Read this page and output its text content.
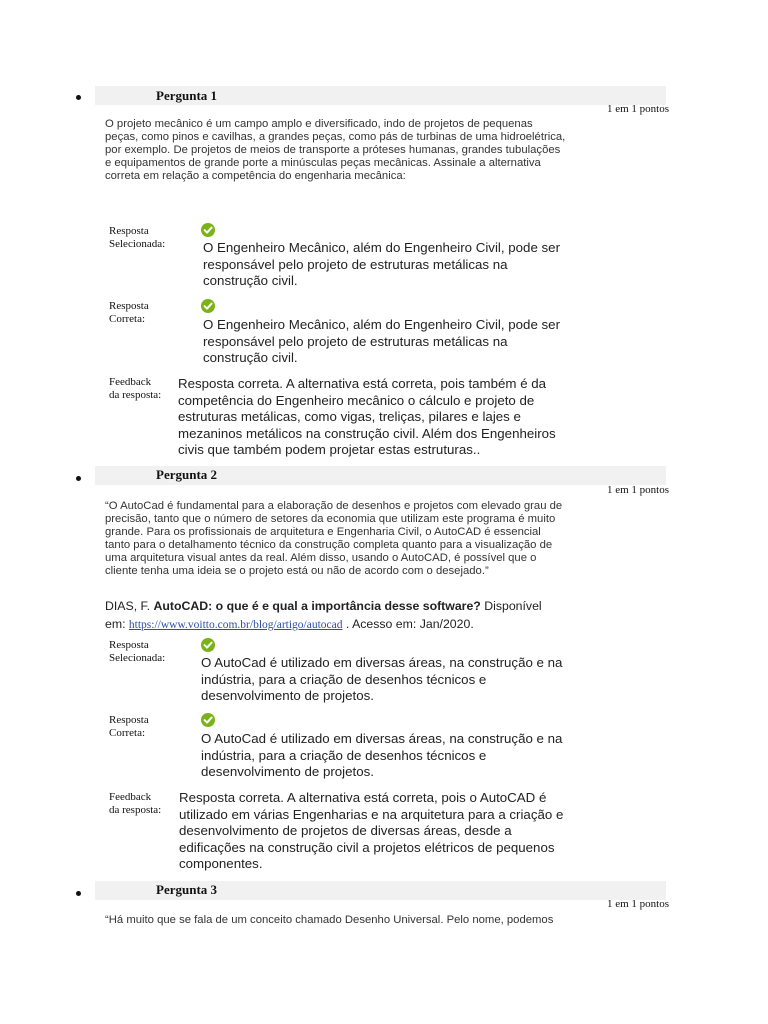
Pergunta 1
1 em 1 pontos
O projeto mecânico é um campo amplo e diversificado, indo de projetos de pequenas
peças, como pinos e cavilhas, a grandes peças, como pás de turbinas de uma hidroelétrica,
por exemplo. De projetos de meios de transporte a próteses humanas, grandes tubulações
e equipamentos de grande porte a minúsculas peças mecânicas. Assinale a alternativa
correta em relação a competência do engenharia mecânica:
Resposta
Selecionada:	O Engenheiro Mecânico, além do Engenheiro Civil, pode ser
responsável pelo projeto de estruturas metálicas na
construção civil.
Resposta
Correta:	O Engenheiro Mecânico, além do Engenheiro Civil, pode ser
responsável pelo projeto de estruturas metálicas na
construção civil.
Feedback
da resposta:
Resposta correta. A alternativa está correta, pois também é da
competência do Engenheiro mecânico o cálculo e projeto de
estruturas metálicas, como vigas, treliças, pilares e lajes e
mezaninos metálicos na construção civil. Além dos Engenheiros
civis que também podem projetar estas estruturas..
Pergunta 2
1 em 1 pontos
“O AutoCad é fundamental para a elaboração de desenhos e projetos com elevado grau de
precisão, tanto que o número de setores da economia que utilizam este programa é muito
grande. Para os profissionais de arquitetura e Engenharia Civil, o AutoCAD é essencial
tanto para o detalhamento técnico da construção completa quanto para a visualização de
uma arquitetura visual antes da real. Além disso, usando o AutoCAD, é possível que o
cliente tenha uma ideia se o projeto está ou não de acordo com o desejado.”
DIAS, F. AutoCAD: o que é e qual a importância desse software? Disponível
em: https://www.voitto.com.br/blog/artigo/autocad . Acesso em: Jan/2020.
Resposta
Selecionada:	O AutoCad é utilizado em diversas áreas, na construção e na
indústria, para a criação de desenhos técnicos e
desenvolvimento de projetos.
Resposta
Correta:	O AutoCad é utilizado em diversas áreas, na construção e na
indústria, para a criação de desenhos técnicos e
desenvolvimento de projetos.
Feedback
da resposta:
Resposta correta. A alternativa está correta, pois o AutoCAD é
utilizado em várias Engenharias e na arquitetura para a criação e
desenvolvimento de projetos de diversas áreas, desde a
edificações na construção civil a projetos elétricos de pequenos
componentes.
Pergunta 3
1 em 1 pontos
“Há muito que se fala de um conceito chamado Desenho Universal. Pelo nome, podemos
